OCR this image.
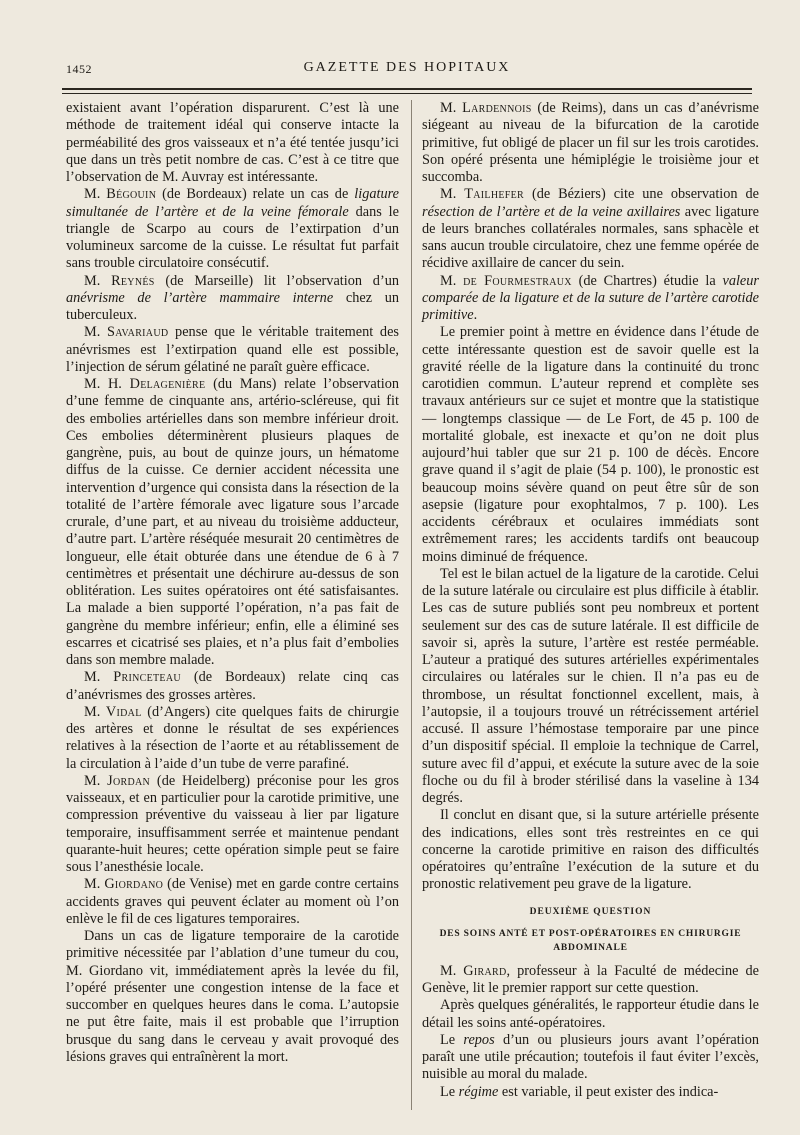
1452	GAZETTE DES HOPITAUX

existaient avant l’opération disparurent. C’est là une méthode de traitement idéal qui conserve intacte la perméabilité des gros vaisseaux et n’a été tentée jusqu’ici que dans un très petit nombre de cas. C’est à ce titre que l’observation de M. Auvray est intéressante.

M. Bégouin (de Bordeaux) relate un cas de ligature simultanée de l’artère et de la veine fémorale dans le triangle de Scarpo au cours de l’extirpation d’un volumineux sarcome de la cuisse. Le résultat fut parfait sans trouble circulatoire consécutif.

M. Reynés (de Marseille) lit l’observation d’un anévrisme de l’artère mammaire interne chez un tuberculeux.

M. Savariaud pense que le véritable traitement des anévrismes est l’extirpation quand elle est possible, l’injection de sérum gélatiné ne paraît guère efficace.

M. H. Delagenière (du Mans) relate l’observation d’une femme de cinquante ans, artério-scléreuse, qui fit des embolies artérielles dans son membre inférieur droit. Ces embolies déterminèrent plusieurs plaques de gangrène, puis, au bout de quinze jours, un hématome diffus de la cuisse. Ce dernier accident nécessita une intervention d’urgence qui consista dans la résection de la totalité de l’artère fémorale avec ligature sous l’arcade crurale, d’une part, et au niveau du troisième adducteur, d’autre part. L’artère réséquée mesurait 20 centimètres de longueur, elle était obturée dans une étendue de 6 à 7 centimètres et présentait une déchirure au-dessus de son oblitération. Les suites opératoires ont été satisfaisantes. La malade a bien supporté l’opération, n’a pas fait de gangrène du membre inférieur; enfin, elle a éliminé ses escarres et cicatrisé ses plaies, et n’a plus fait d’embolies dans son membre malade.

M. Princeteau (de Bordeaux) relate cinq cas d’anévrismes des grosses artères.

M. Vidal (d’Angers) cite quelques faits de chirurgie des artères et donne le résultat de ses expériences relatives à la résection de l’aorte et au rétablissement de la circulation à l’aide d’un tube de verre parafiné.

M. Jordan (de Heidelberg) préconise pour les gros vaisseaux, et en particulier pour la carotide primitive, une compression préventive du vaisseau à lier par ligature temporaire, insuffisamment serrée et maintenue pendant quarante-huit heures; cette opération simple peut se faire sous l’anesthésie locale.

M. Giordano (de Venise) met en garde contre certains accidents graves qui peuvent éclater au moment où l’on enlève le fil de ces ligatures temporaires.

Dans un cas de ligature temporaire de la carotide primitive nécessitée par l’ablation d’une tumeur du cou, M. Giordano vit, immédiatement après la levée du fil, l’opéré présenter une congestion intense de la face et succomber en quelques heures dans le coma. L’autopsie ne put être faite, mais il est probable que l’irruption brusque du sang dans le cerveau y avait provoqué des lésions graves qui entraînèrent la mort.

M. Lardennois (de Reims), dans un cas d’anévrisme siégeant au niveau de la bifurcation de la carotide primitive, fut obligé de placer un fil sur les trois carotides. Son opéré présenta une hémiplégie le troisième jour et succomba.

M. Tailhefer (de Béziers) cite une observation de résection de l’artère et de la veine axillaires avec ligature de leurs branches collatérales normales, sans sphacèle et sans aucun trouble circulatoire, chez une femme opérée de récidive axillaire de cancer du sein.

M. de Fourmestraux (de Chartres) étudie la valeur comparée de la ligature et de la suture de l’artère carotide primitive.

Le premier point à mettre en évidence dans l’étude de cette intéressante question est de savoir quelle est la gravité réelle de la ligature dans la continuité du tronc carotidien commun. L’auteur reprend et complète ses travaux antérieurs sur ce sujet et montre que la statistique — longtemps classique — de Le Fort, de 45 p. 100 de mortalité globale, est inexacte et qu’on ne doit plus aujourd’hui tabler que sur 21 p. 100 de décès. Encore grave quand il s’agit de plaie (54 p. 100), le pronostic est beaucoup moins sévère quand on peut être sûr de son asepsie (ligature pour exophtalmos, 7 p. 100). Les accidents cérébraux et oculaires immédiats sont extrêmement rares; les accidents tardifs ont beaucoup moins diminué de fréquence.

Tel est le bilan actuel de la ligature de la carotide. Celui de la suture latérale ou circulaire est plus difficile à établir. Les cas de suture publiés sont peu nombreux et portent seulement sur des cas de suture latérale. Il est difficile de savoir si, après la suture, l’artère est restée perméable. L’auteur a pratiqué des sutures artérielles expérimentales circulaires ou latérales sur le chien. Il n’a pas eu de thrombose, un résultat fonctionnel excellent, mais, à l’autopsie, il a toujours trouvé un rétrécissement artériel accusé. Il assure l’hémostase temporaire par une pince d’un dispositif spécial. Il emploie la technique de Carrel, suture avec fil d’appui, et exécute la suture avec de la soie floche ou du fil à broder stérilisé dans la vaseline à 134 degrés.

Il conclut en disant que, si la suture artérielle présente des indications, elles sont très restreintes en ce qui concerne la carotide primitive en raison des difficultés opératoires qu’entraîne l’exécution de la suture et du pronostic relativement peu grave de la ligature.

DEUXIÈME QUESTION
DES SOINS ANTÉ ET POST-OPÉRATOIRES EN CHIRURGIE ABDOMINALE

M. Girard, professeur à la Faculté de médecine de Genève, lit le premier rapport sur cette question.

Après quelques généralités, le rapporteur étudie dans le détail les soins anté-opératoires.

Le repos d’un ou plusieurs jours avant l’opération paraît une utile précaution; toutefois il faut éviter l’excès, nuisible au moral du malade.

Le régime est variable, il peut exister des indica-
